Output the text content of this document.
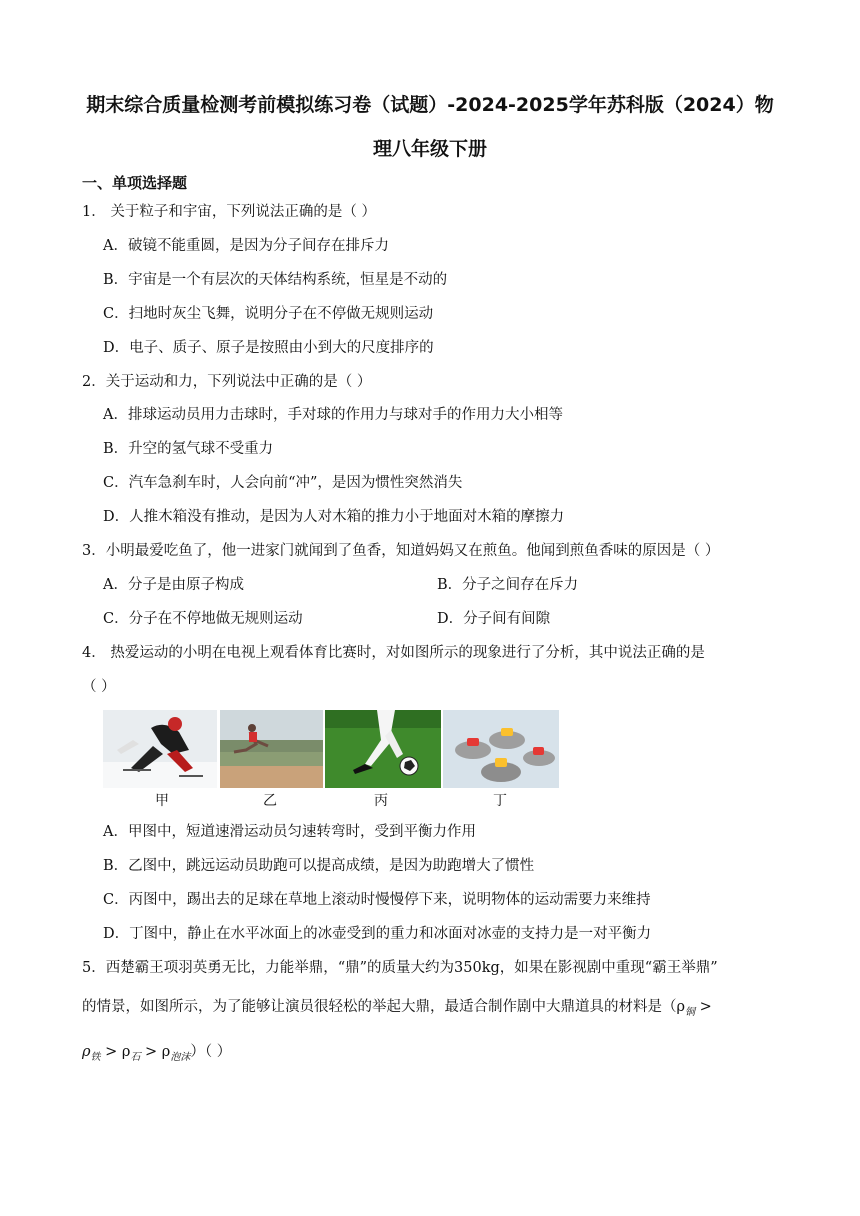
期末综合质量检测考前模拟练习卷（试题）-2024-2025学年苏科版（2024）物
理八年级下册
一、单项选择题
1． 关于粒子和宇宙，下列说法正确的是（ ）
A．破镜不能重圆，是因为分子间存在排斥力
B．宇宙是一个有层次的天体结构系统，恒星是不动的
C．扫地时灰尘飞舞，说明分子在不停做无规则运动
D．电子、质子、原子是按照由小到大的尺度排序的
2．关于运动和力，下列说法中正确的是（ ）
A．排球运动员用力击球时，手对球的作用力与球对手的作用力大小相等
B．升空的氢气球不受重力
C．汽车急刹车时，人会向前“冲”，是因为惯性突然消失
D．人推木箱没有推动，是因为人对木箱的推力小于地面对木箱的摩擦力
3．小明最爱吃鱼了，他一进家门就闻到了鱼香，知道妈妈又在煎鱼。他闻到煎鱼香味的原因是（ ）
A．分子是由原子构成	B．分子之间存在斥力
C．分子在不停地做无规则运动	D．分子间有间隙
4． 热爱运动的小明在电视上观看体育比赛时，对如图所示的现象进行了分析，其中说法正确的是
（ ）
甲	乙	丙	丁
A．甲图中，短道速滑运动员匀速转弯时，受到平衡力作用
B．乙图中，跳远运动员助跑可以提高成绩，是因为助跑增大了惯性
C．丙图中，踢出去的足球在草地上滚动时慢慢停下来，说明物体的运动需要力来维持
D．丁图中，静止在水平冰面上的冰壶受到的重力和冰面对冰壶的支持力是一对平衡力
5．西楚霸王项羽英勇无比，力能举鼎，“鼎”的质量大约为350kg，如果在影视剧中重现“霸王举鼎”
的情景，如图所示，为了能够让演员很轻松的举起大鼎，最适合制作剧中大鼎道具的材料是（$\rho_铜$ >
$\rho_铁 > \rho_石 > \rho_{泡沫}$）（ ）
